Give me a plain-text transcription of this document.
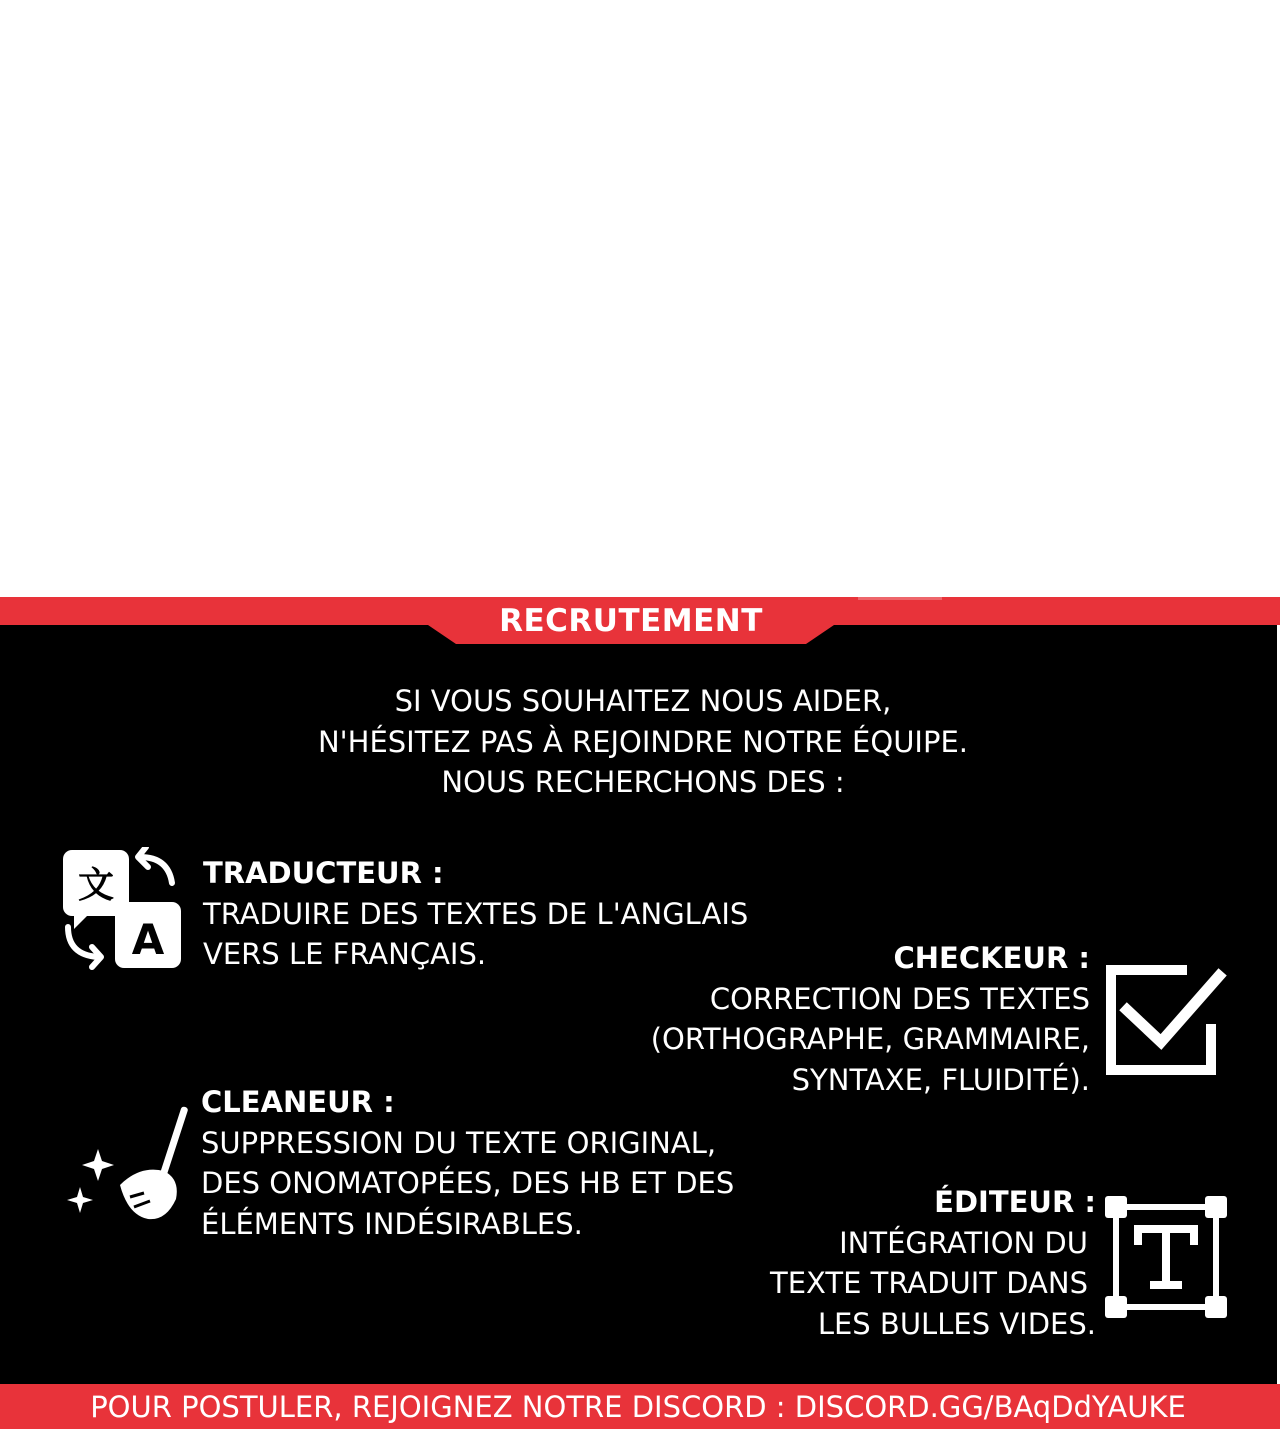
RECRUTEMENT
SI VOUS SOUHAITEZ NOUS AIDER,
N'HÉSITEZ PAS À REJOINDRE NOTRE ÉQUIPE.
NOUS RECHERCHONS DES :
文
A
TRADUCTEUR :
TRADUIRE DES TEXTES DE L'ANGLAIS
VERS LE FRANÇAIS.	CHECKEUR :
CORRECTION DES TEXTES
(ORTHOGRAPHE, GRAMMAIRE,
SYNTAXE, FLUIDITÉ).
CLEANEUR :
SUPPRESSION DU TEXTE ORIGINAL,
DES ONOMATOPÉES, DES HB ET DES
ÉLÉMENTS INDÉSIRABLES.
ÉDITEUR :
INTÉGRATION DU
TEXTE TRADUIT DANS
LES BULLES VIDES.
POUR POSTULER, REJOIGNEZ NOTRE DISCORD : DISCORD.GG/BAqDdYAUKE
